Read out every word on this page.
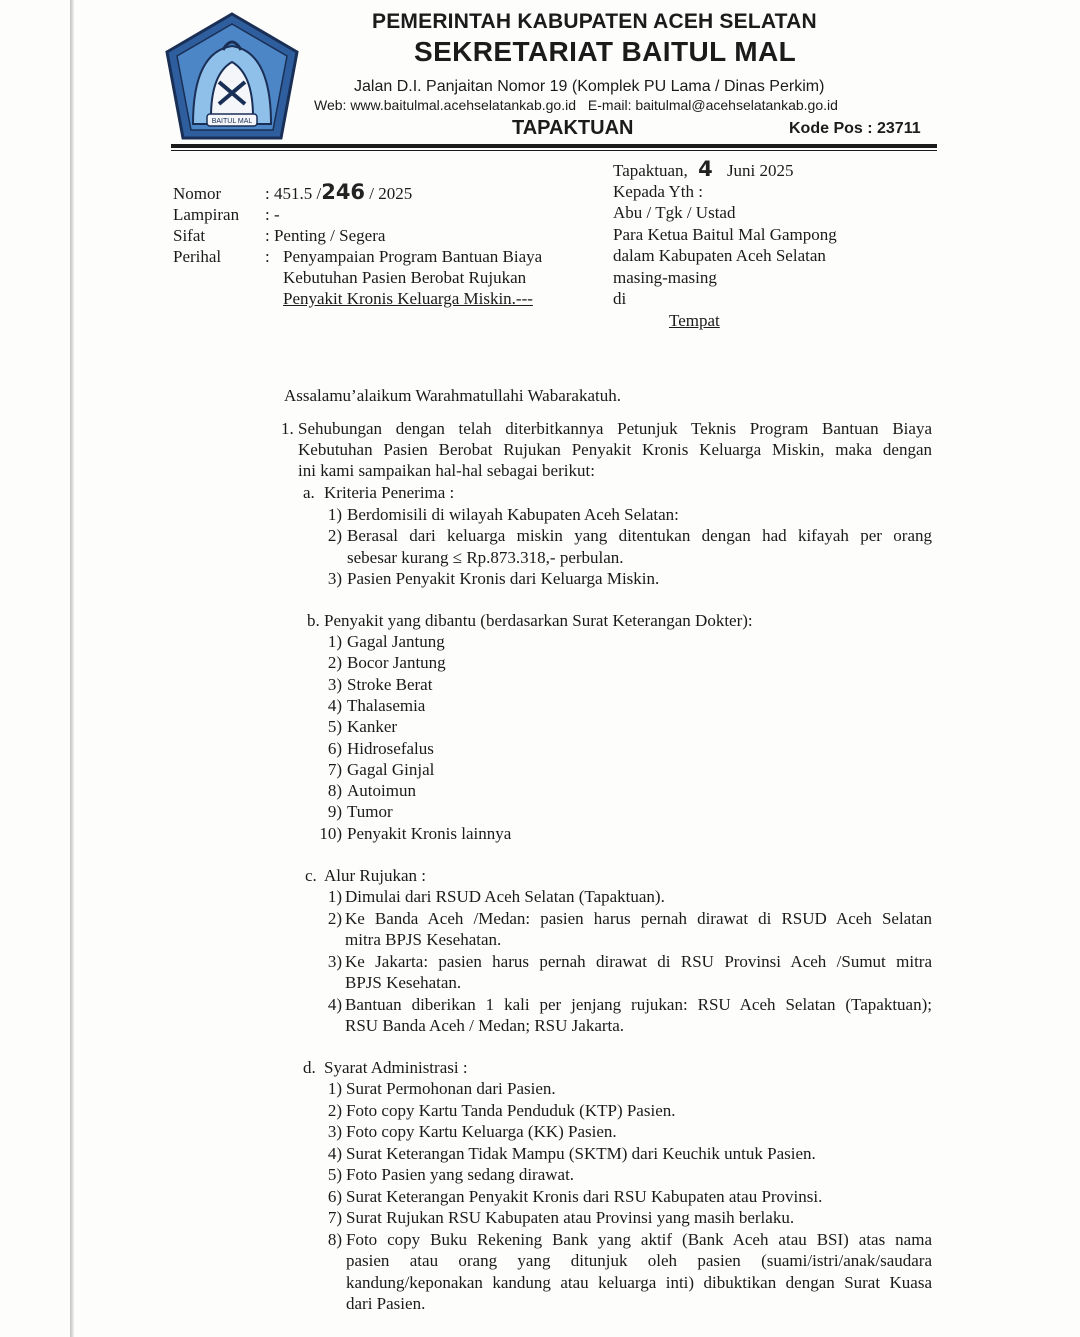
BAITUL MAL
PEMERINTAH KABUPATEN ACEH SELATAN
SEKRETARIAT BAITUL MAL
Jalan D.I. Panjaitan Nomor 19 (Komplek PU Lama / Dinas Perkim)
Web: www.baitulmal.acehselatankab.go.id E-mail: baitulmal@acehselatankab.go.id
TAPAKTUAN	Kode Pos : 23711
Nomor	: 451.5 /246 / 2025
Lampiran : -
Sifat	: Penting / Segera
Perihal	: Penyampaian Program Bantuan Biaya
Kebutuhan Pasien Berobat Rujukan
Penyakit Kronis Keluarga Miskin.---
Tapaktuan, 4 Juni 2025
Kepada Yth :
Abu / Tgk / Ustad
Para Ketua Baitul Mal Gampong
dalam Kabupaten Aceh Selatan
masing-masing
di
Tempat
Assalamu’alaikum Warahmatullahi Wabarakatuh.
1. Sehubungan dengan telah diterbitkannya Petunjuk Teknis Program Bantuan Biaya
Kebutuhan Pasien Berobat Rujukan Penyakit Kronis Keluarga Miskin, maka dengan
ini kami sampaikan hal-hal sebagai berikut:
a. Kriteria Penerima :
1) Berdomisili di wilayah Kabupaten Aceh Selatan:
2) Berasal dari keluarga miskin yang ditentukan dengan had kifayah per orang
sebesar kurang ≤ Rp.873.318,- perbulan.
3) Pasien Penyakit Kronis dari Keluarga Miskin.
b. Penyakit yang dibantu (berdasarkan Surat Keterangan Dokter):
1) Gagal Jantung
2) Bocor Jantung
3) Stroke Berat
4) Thalasemia
5) Kanker
6) Hidrosefalus
7) Gagal Ginjal
8) Autoimun
9) Tumor
10) Penyakit Kronis lainnya
c. Alur Rujukan :
1) Dimulai dari RSUD Aceh Selatan (Tapaktuan).
2) Ke Banda Aceh /Medan: pasien harus pernah dirawat di RSUD Aceh Selatan
mitra BPJS Kesehatan.
3) Ke Jakarta: pasien harus pernah dirawat di RSU Provinsi Aceh /Sumut mitra
BPJS Kesehatan.
4) Bantuan diberikan 1 kali per jenjang rujukan: RSU Aceh Selatan (Tapaktuan);
RSU Banda Aceh / Medan; RSU Jakarta.
d. Syarat Administrasi :
1) Surat Permohonan dari Pasien.
2) Foto copy Kartu Tanda Penduduk (KTP) Pasien.
3) Foto copy Kartu Keluarga (KK) Pasien.
4) Surat Keterangan Tidak Mampu (SKTM) dari Keuchik untuk Pasien.
5) Foto Pasien yang sedang dirawat.
6) Surat Keterangan Penyakit Kronis dari RSU Kabupaten atau Provinsi.
7) Surat Rujukan RSU Kabupaten atau Provinsi yang masih berlaku.
8) Foto copy Buku Rekening Bank yang aktif (Bank Aceh atau BSI) atas nama
pasien atau orang yang ditunjuk oleh pasien (suami/istri/anak/saudara
kandung/keponakan kandung atau keluarga inti) dibuktikan dengan Surat Kuasa
dari Pasien.
